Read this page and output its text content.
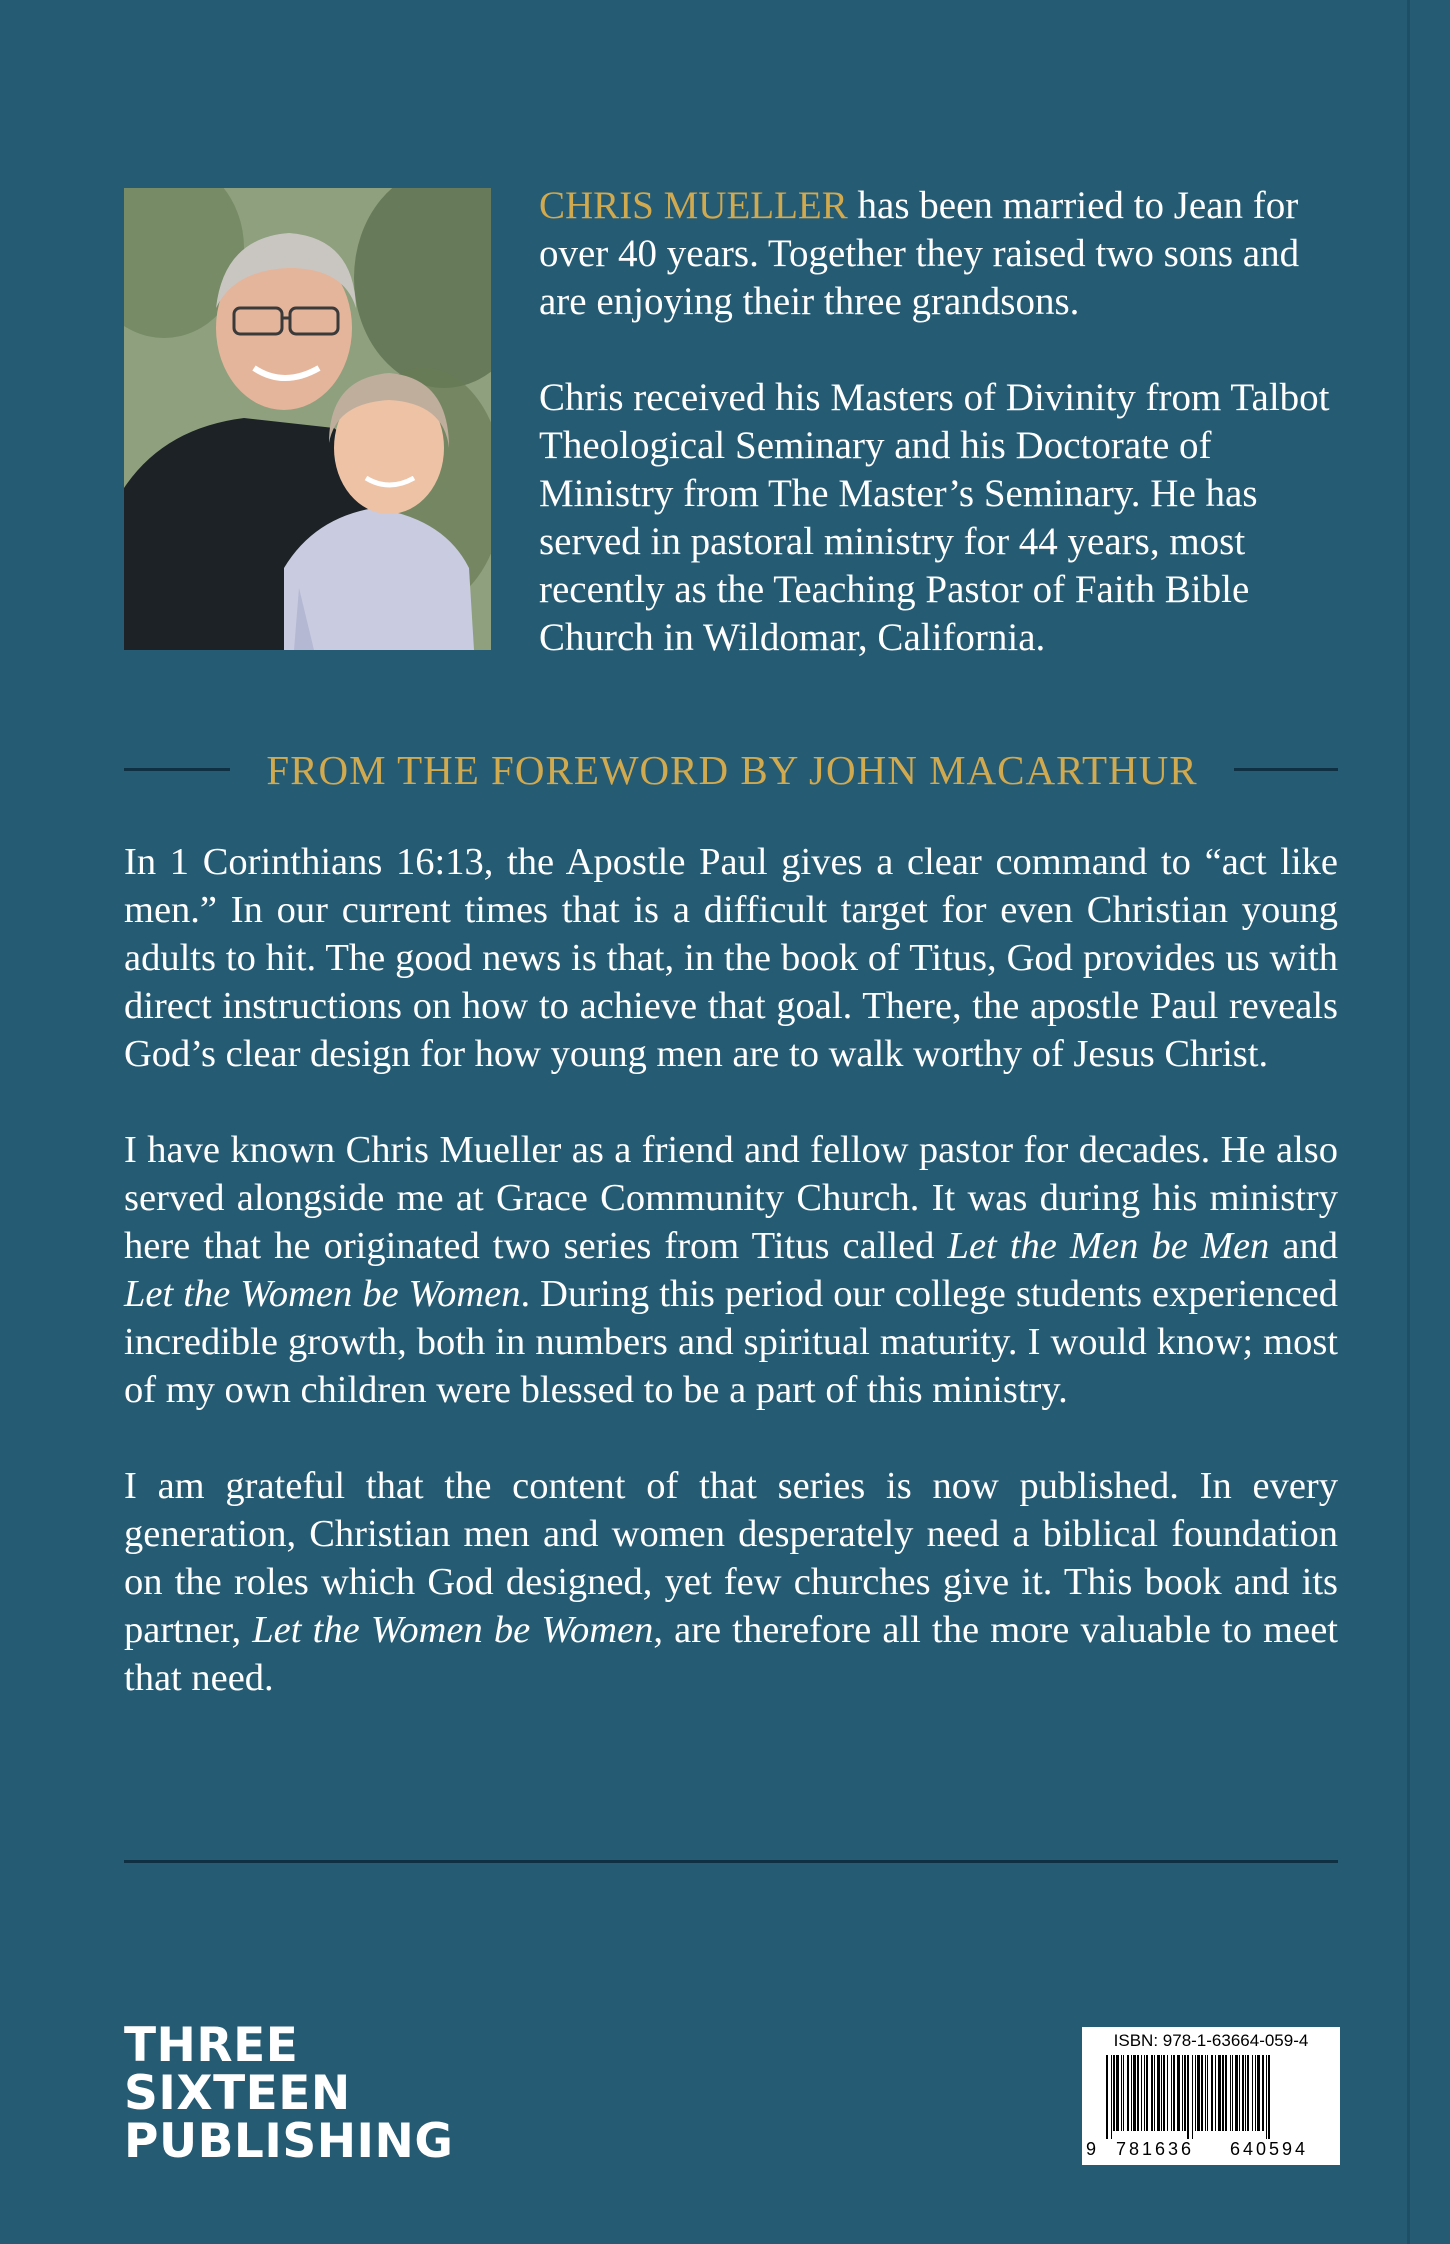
CHRIS MUELLER has been married to Jean for over 40 years. Together they raised two sons and are enjoying their three grandsons.

Chris received his Masters of Divinity from Talbot Theological Seminary and his Doctorate of Ministry from The Master’s Seminary. He has served in pastoral ministry for 44 years, most recently as the Teaching Pastor of Faith Bible Church in Wildomar, California.

FROM THE FOREWORD BY JOHN MACARTHUR

In 1 Corinthians 16:13, the Apostle Paul gives a clear command to “act like men.” In our current times that is a difficult target for even Christian young adults to hit. The good news is that, in the book of Titus, God provides us with direct instructions on how to achieve that goal. There, the apostle Paul reveals God’s clear design for how young men are to walk worthy of Jesus Christ.

I have known Chris Mueller as a friend and fellow pastor for decades. He also served alongside me at Grace Community Church. It was during his ministry here that he originated two series from Titus called Let the Men be Men and Let the Women be Women. During this period our college students experienced incredible growth, both in numbers and spiritual maturity. I would know; most of my own children were blessed to be a part of this ministry.

I am grateful that the content of that series is now published. In every generation, Christian men and women desperately need a biblical foundation on the roles which God designed, yet few churches give it. This book and its partner, Let the Women be Women, are therefore all the more valuable to meet that need.

THREE
SIXTEEN
PUBLISHING
ISBN: 978-1-63664-059-4
9 781636 640594
